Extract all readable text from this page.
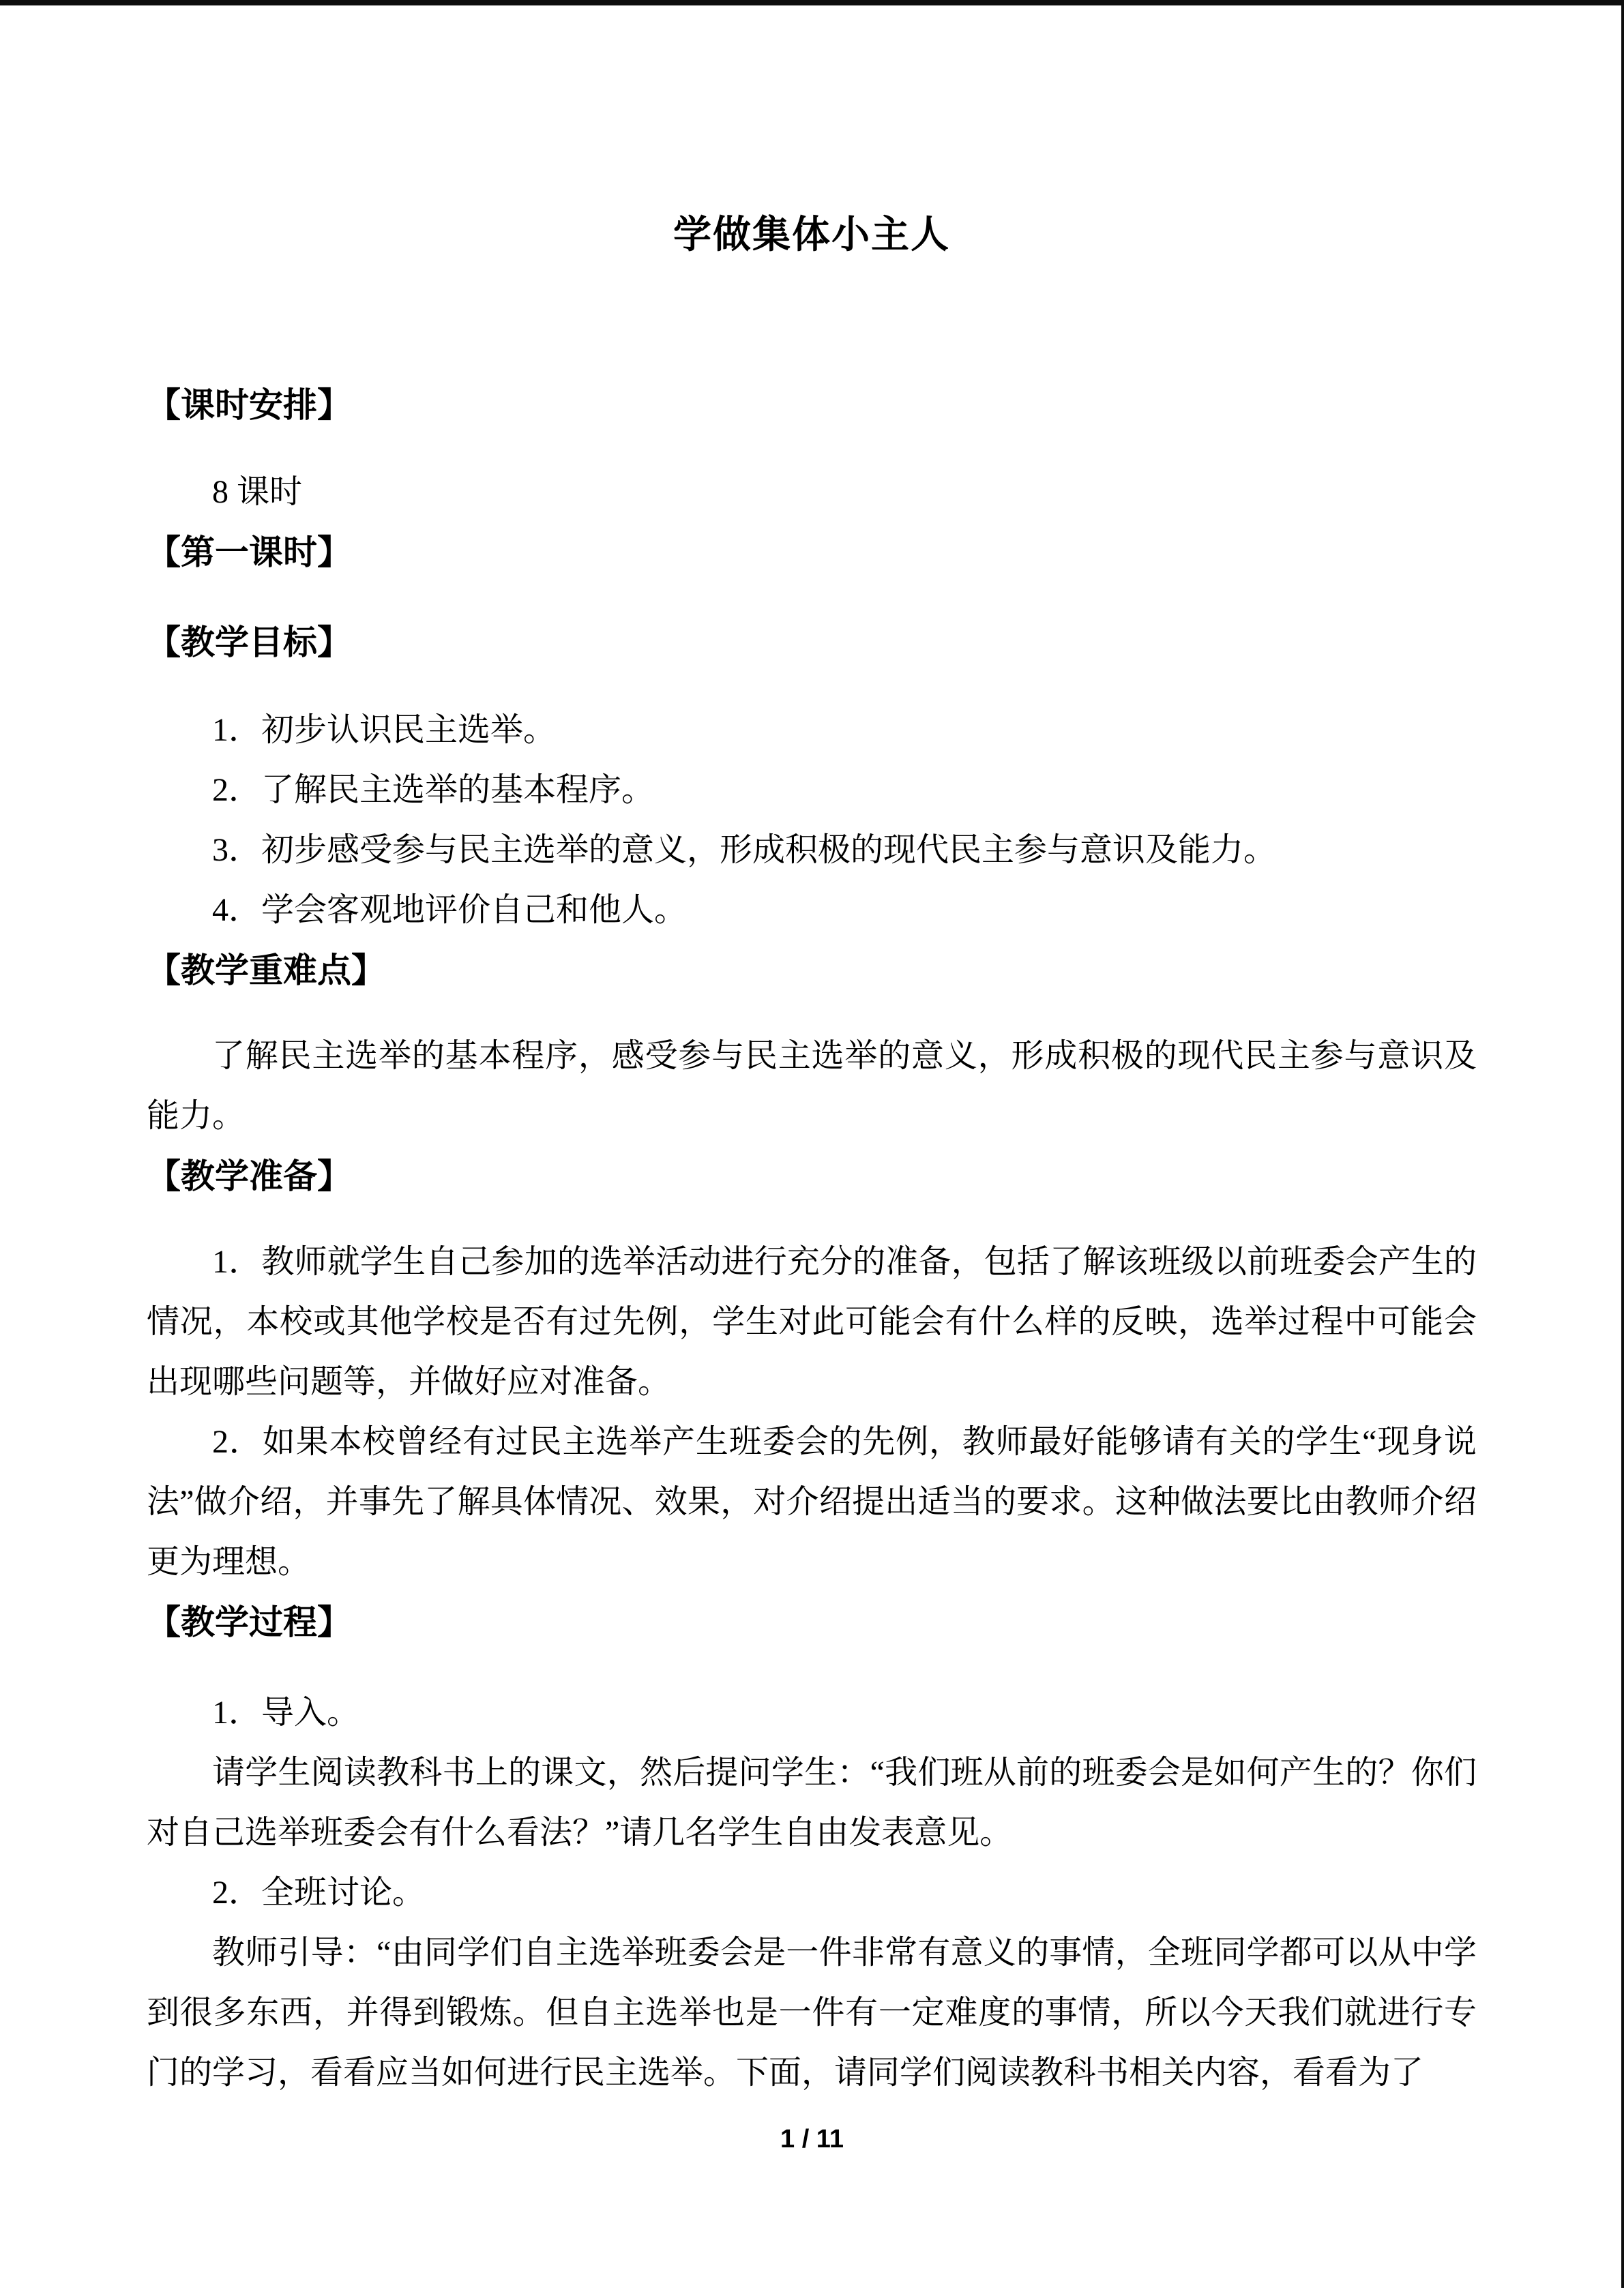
学做集体小主人
【课时安排】
8 课时
【第一课时】
【教学目标】
1．初步认识民主选举。
2．了解民主选举的基本程序。
3．初步感受参与民主选举的意义，形成积极的现代民主参与意识及能力。
4．学会客观地评价自己和他人。
【教学重难点】
了解民主选举的基本程序，感受参与民主选举的意义，形成积极的现代民主参与意识及能力。
【教学准备】
1．教师就学生自己参加的选举活动进行充分的准备，包括了解该班级以前班委会产生的情况，本校或其他学校是否有过先例，学生对此可能会有什么样的反映，选举过程中可能会出现哪些问题等，并做好应对准备。
2．如果本校曾经有过民主选举产生班委会的先例，教师最好能够请有关的学生“现身说法”做介绍，并事先了解具体情况、效果，对介绍提出适当的要求。这种做法要比由教师介绍更为理想。
【教学过程】
1．导入。
请学生阅读教科书上的课文，然后提问学生：“我们班从前的班委会是如何产生的？你们对自己选举班委会有什么看法？”请几名学生自由发表意见。
2．全班讨论。
教师引导：“由同学们自主选举班委会是一件非常有意义的事情，全班同学都可以从中学到很多东西，并得到锻炼。但自主选举也是一件有一定难度的事情，所以今天我们就进行专门的学习，看看应当如何进行民主选举。下面，请同学们阅读教科书相关内容，看看为了
1 / 11
